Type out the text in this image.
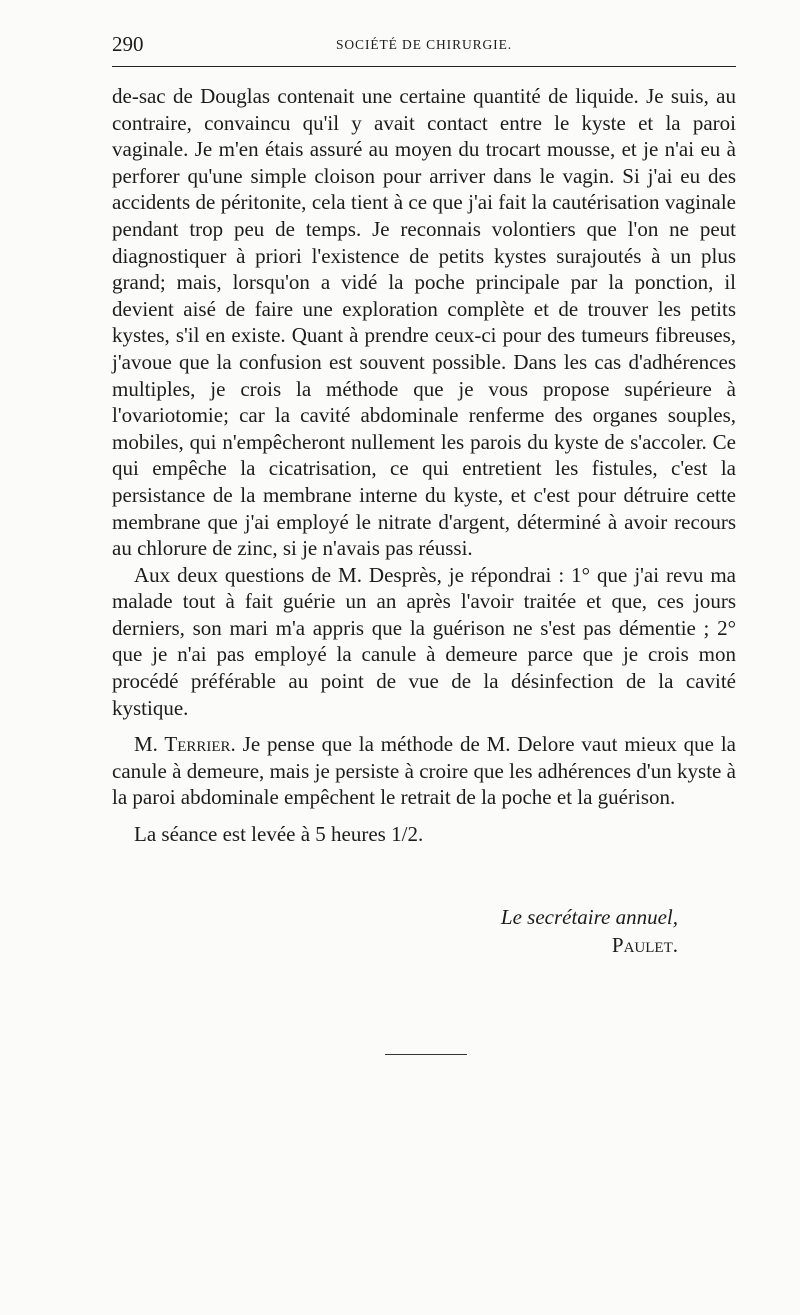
290	SOCIÉTÉ DE CHIRURGIE.

de-sac de Douglas contenait une certaine quantité de liquide. Je suis, au contraire, convaincu qu'il y avait contact entre le kyste et la paroi vaginale. Je m'en étais assuré au moyen du trocart mousse, et je n'ai eu à perforer qu'une simple cloison pour arriver dans le vagin. Si j'ai eu des accidents de péritonite, cela tient à ce que j'ai fait la cautérisation vaginale pendant trop peu de temps. Je reconnais volontiers que l'on ne peut diagnostiquer à priori l'existence de petits kystes surajoutés à un plus grand; mais, lorsqu'on a vidé la poche principale par la ponction, il devient aisé de faire une exploration complète et de trouver les petits kystes, s'il en existe. Quant à prendre ceux-ci pour des tumeurs fibreuses, j'avoue que la confusion est souvent possible. Dans les cas d'adhérences multiples, je crois la méthode que je vous propose supérieure à l'ovariotomie; car la cavité abdominale renferme des organes souples, mobiles, qui n'empêcheront nullement les parois du kyste de s'accoler. Ce qui empêche la cicatrisation, ce qui entretient les fistules, c'est la persistance de la membrane interne du kyste, et c'est pour détruire cette membrane que j'ai employé le nitrate d'argent, déterminé à avoir recours au chlorure de zinc, si je n'avais pas réussi.

Aux deux questions de M. Desprès, je répondrai : 1° que j'ai revu ma malade tout à fait guérie un an après l'avoir traitée et que, ces jours derniers, son mari m'a appris que la guérison ne s'est pas démentie ; 2° que je n'ai pas employé la canule à demeure parce que je crois mon procédé préférable au point de vue de la désinfection de la cavité kystique.

M. Terrier. Je pense que la méthode de M. Delore vaut mieux que la canule à demeure, mais je persiste à croire que les adhérences d'un kyste à la paroi abdominale empêchent le retrait de la poche et la guérison.

La séance est levée à 5 heures 1/2.

Le secrétaire annuel,
Paulet.
